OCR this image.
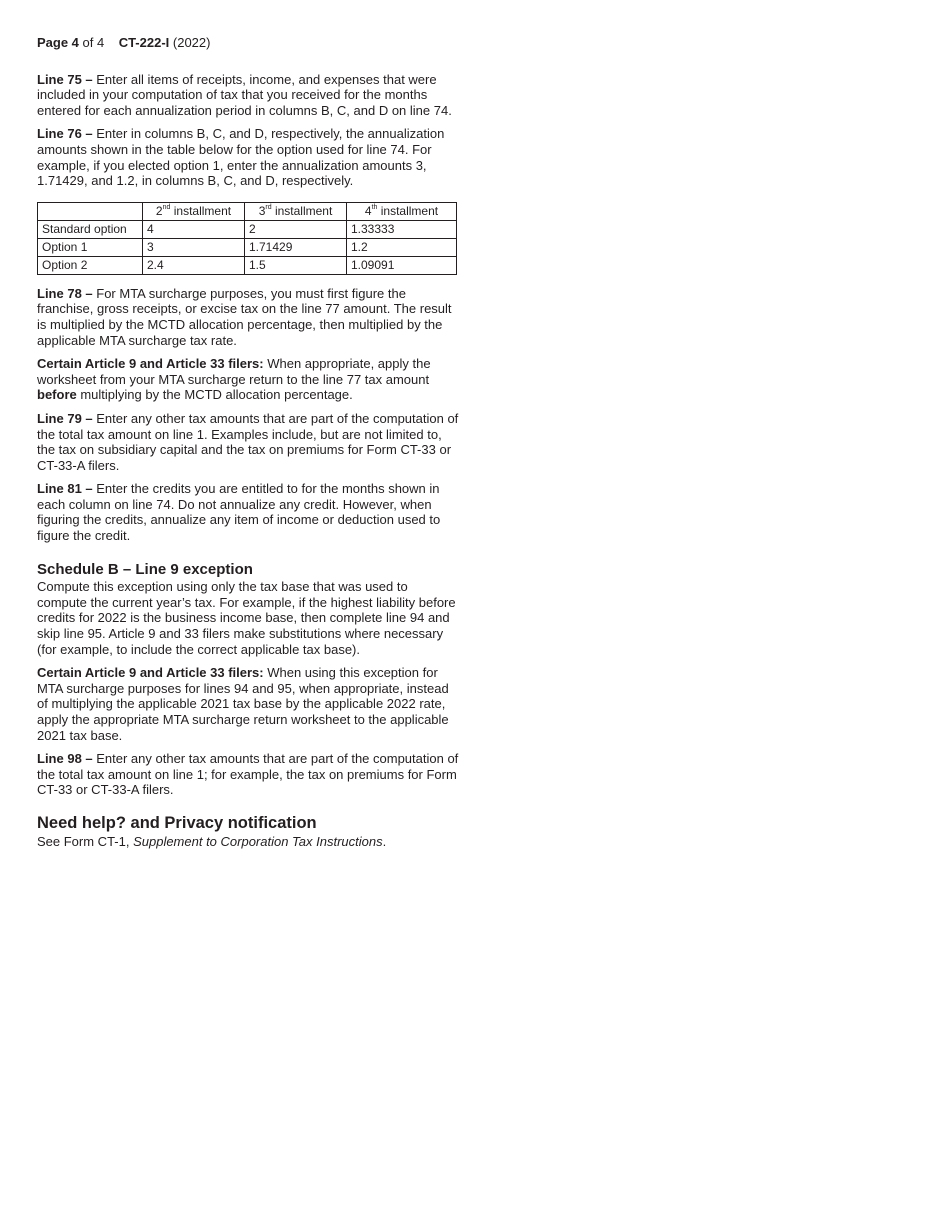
Page 4 of 4 CT-222-I (2022)

Line 75 – Enter all items of receipts, income, and expenses that were included in your computation of tax that you received for the months entered for each annualization period in columns B, C, and D on line 74.

Line 76 – Enter in columns B, C, and D, respectively, the annualization amounts shown in the table below for the option used for line 74. For example, if you elected option 1, enter the annualization amounts 3, 1.71429, and 1.2, in columns B, C, and D, respectively.

	2nd installment	3rd installment	4th installment
Standard option	4	2	1.33333
Option 1	3	1.71429	1.2
Option 2	2.4	1.5	1.09091

Line 78 – For MTA surcharge purposes, you must first figure the franchise, gross receipts, or excise tax on the line 77 amount. The result is multiplied by the MCTD allocation percentage, then multiplied by the applicable MTA surcharge tax rate.

Certain Article 9 and Article 33 filers: When appropriate, apply the worksheet from your MTA surcharge return to the line 77 tax amount before multiplying by the MCTD allocation percentage.

Line 79 – Enter any other tax amounts that are part of the computation of the total tax amount on line 1. Examples include, but are not limited to, the tax on subsidiary capital and the tax on premiums for Form CT-33 or CT-33-A filers.

Line 81 – Enter the credits you are entitled to for the months shown in each column on line 74. Do not annualize any credit. However, when figuring the credits, annualize any item of income or deduction used to figure the credit.

Schedule B – Line 9 exception

Compute this exception using only the tax base that was used to compute the current year’s tax. For example, if the highest liability before credits for 2022 is the business income base, then complete line 94 and skip line 95. Article 9 and 33 filers make substitutions where necessary (for example, to include the correct applicable tax base).

Certain Article 9 and Article 33 filers: When using this exception for MTA surcharge purposes for lines 94 and 95, when appropriate, instead of multiplying the applicable 2021 tax base by the applicable 2022 rate, apply the appropriate MTA surcharge return worksheet to the applicable 2021 tax base.

Line 98 – Enter any other tax amounts that are part of the computation of the total tax amount on line 1; for example, the tax on premiums for Form CT-33 or CT-33-A filers.

Need help? and Privacy notification

See Form CT-1, Supplement to Corporation Tax Instructions.
